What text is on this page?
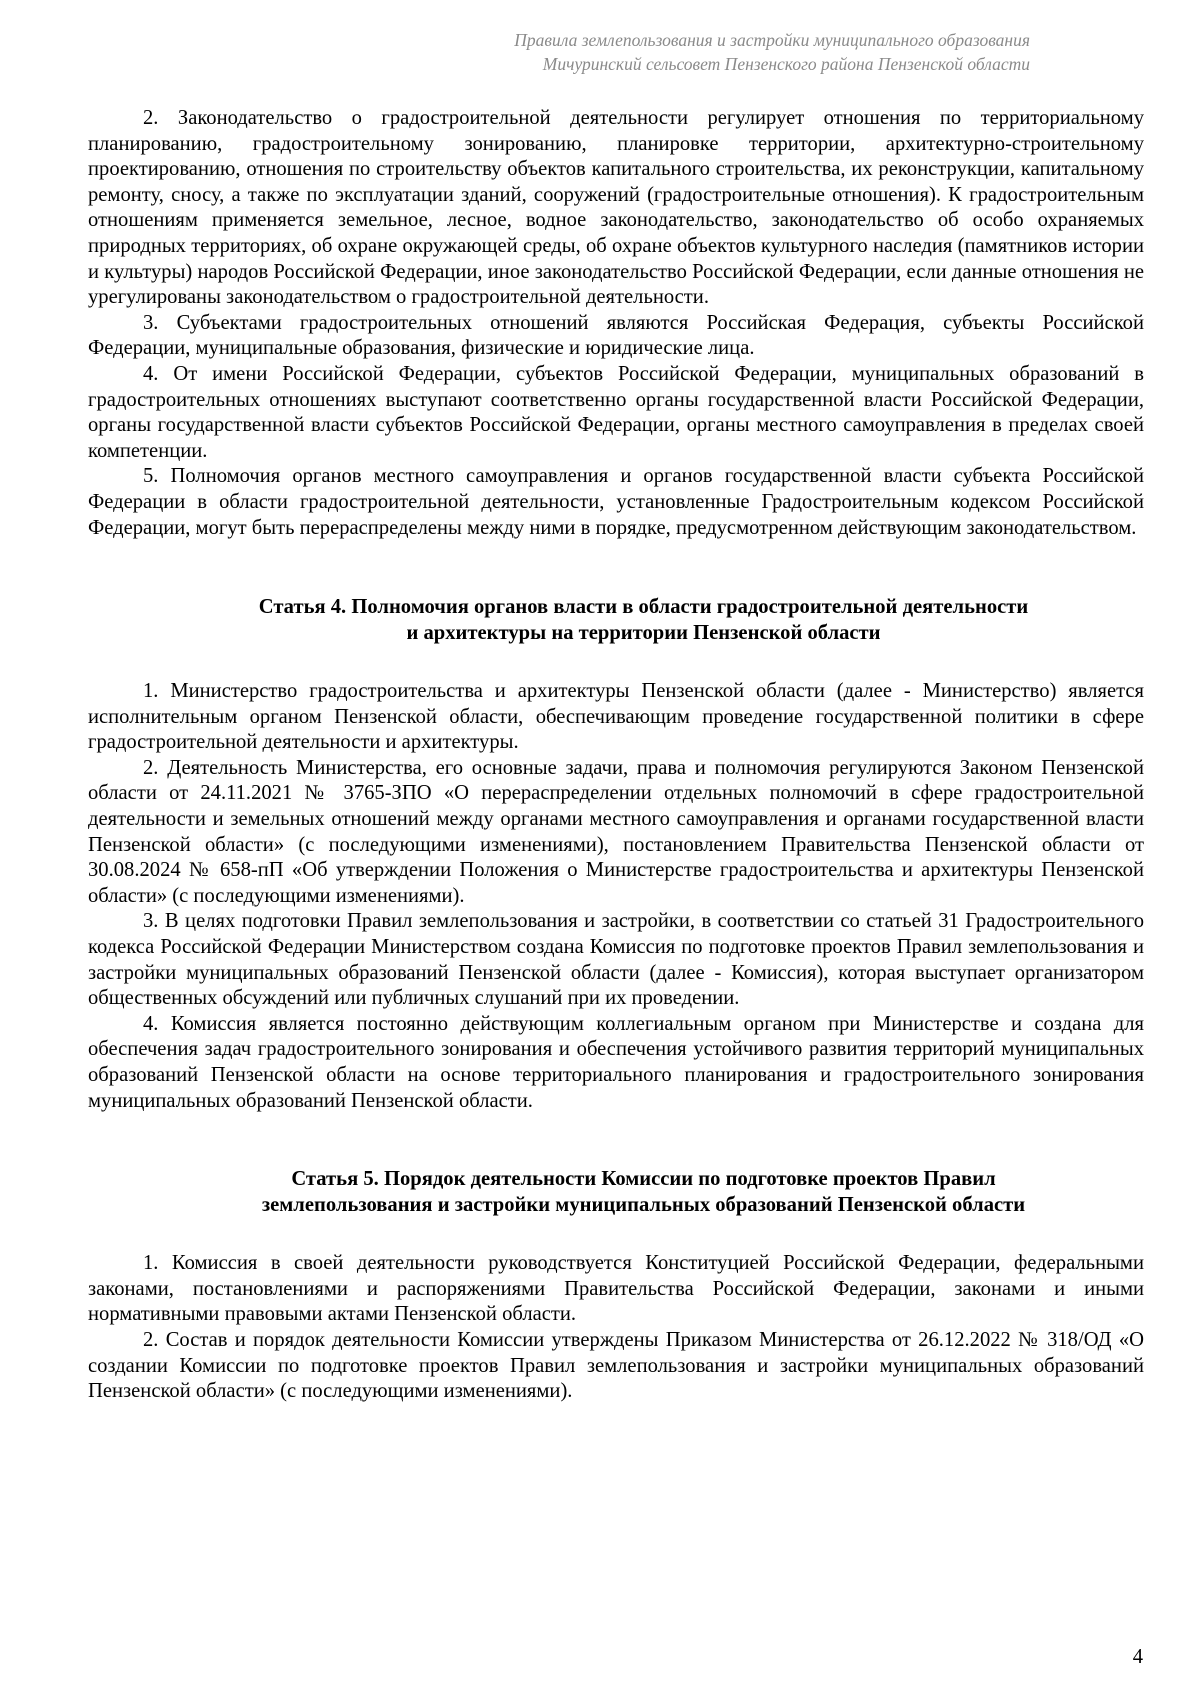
Правила землепользования и застройки муниципального образования
Мичуринский сельсовет Пензенского района Пензенской области

2. Законодательство о градостроительной деятельности регулирует отношения по территориальному планированию, градостроительному зонированию, планировке территории, архитектурно-строительному проектированию, отношения по строительству объектов капитального строительства, их реконструкции, капитальному ремонту, сносу, а также по эксплуатации зданий, сооружений (градостроительные отношения). К градостроительным отношениям применяется земельное, лесное, водное законодательство, законодательство об особо охраняемых природных территориях, об охране окружающей среды, об охране объектов культурного наследия (памятников истории и культуры) народов Российской Федерации, иное законодательство Российской Федерации, если данные отношения не урегулированы законодательством о градостроительной деятельности.

3. Субъектами градостроительных отношений являются Российская Федерация, субъекты Российской Федерации, муниципальные образования, физические и юридические лица.

4. От имени Российской Федерации, субъектов Российской Федерации, муниципальных образований в градостроительных отношениях выступают соответственно органы государственной власти Российской Федерации, органы государственной власти субъектов Российской Федерации, органы местного самоуправления в пределах своей компетенции.

5. Полномочия органов местного самоуправления и органов государственной власти субъекта Российской Федерации в области градостроительной деятельности, установленные Градостроительным кодексом Российской Федерации, могут быть перераспределены между ними в порядке, предусмотренном действующим законодательством.

Статья 4. Полномочия органов власти в области градостроительной деятельности
и архитектуры на территории Пензенской области

1. Министерство градостроительства и архитектуры Пензенской области (далее - Министерство) является исполнительным органом Пензенской области, обеспечивающим проведение государственной политики в сфере градостроительной деятельности и архитектуры.

2. Деятельность Министерства, его основные задачи, права и полномочия регулируются Законом Пензенской области от 24.11.2021 № 3765-ЗПО «О перераспределении отдельных полномочий в сфере градостроительной деятельности и земельных отношений между органами местного самоуправления и органами государственной власти Пензенской области» (с последующими изменениями), постановлением Правительства Пензенской области от 30.08.2024 № 658-пП «Об утверждении Положения о Министерстве градостроительства и архитектуры Пензенской области» (с последующими изменениями).

3. В целях подготовки Правил землепользования и застройки, в соответствии со статьей 31 Градостроительного кодекса Российской Федерации Министерством создана Комиссия по подготовке проектов Правил землепользования и застройки муниципальных образований Пензенской области (далее - Комиссия), которая выступает организатором общественных обсуждений или публичных слушаний при их проведении.

4. Комиссия является постоянно действующим коллегиальным органом при Министерстве и создана для обеспечения задач градостроительного зонирования и обеспечения устойчивого развития территорий муниципальных образований Пензенской области на основе территориального планирования и градостроительного зонирования муниципальных образований Пензенской области.

Статья 5. Порядок деятельности Комиссии по подготовке проектов Правил
землепользования и застройки муниципальных образований Пензенской области

1. Комиссия в своей деятельности руководствуется Конституцией Российской Федерации, федеральными законами, постановлениями и распоряжениями Правительства Российской Федерации, законами и иными нормативными правовыми актами Пензенской области.

2. Состав и порядок деятельности Комиссии утверждены Приказом Министерства от 26.12.2022 № 318/ОД «О создании Комиссии по подготовке проектов Правил землепользования и застройки муниципальных образований Пензенской области» (с последующими изменениями).

4
